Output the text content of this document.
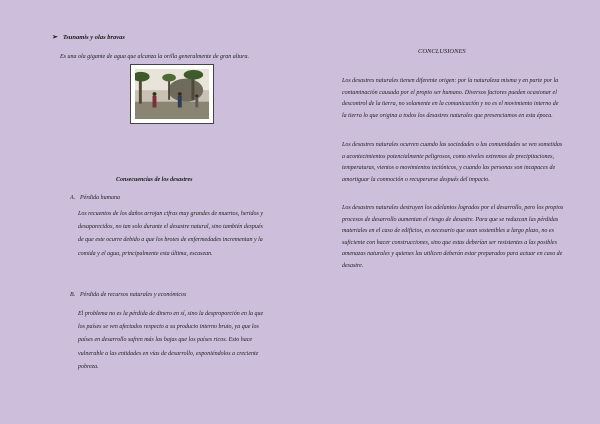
➢ Tsunamis y olas bravas
Es una ola gigante de agua que alcanza la orilla generalmente de gran altura.
Consecuencias de los desastres
A. Pérdida humana
Los recuentos de los daños arrojan cifras muy grandes de muertos, heridos y desaparecidos, no tan solo durante el desastre natural, sino también después de que este ocurre debido a que los brotes de enfermedades incrementan y la comida y el agua, principalmente esta última, escasean.
B. Pérdida de recursos naturales y económicos
El problema no es la pérdida de dinero en sí, sino la desproporción en la que los países se ven afectados respecto a su producto interno bruto, ya que los países en desarrollo sufren más las bajas que los países ricos. Esto hace vulnerable a las entidades en vías de desarrollo, exponiéndolos a creciente pobreza.
CONCLUSIONES

Los desastres naturales tienen diferente origen: por la naturaleza misma y en parte por la contaminación causada por el propio ser humano. Diversos factores pueden ocasionar el descontrol de la tierra, no solamente en la comunicación y no es el movimiento interno de la tierra lo que origina a todos los desastres naturales que presenciamos en esta época.

Los desastres naturales ocurren cuando las sociedades o las comunidades se ven sometidas a acontecimientos potencialmente peligrosos, como niveles extremos de precipitaciones, temperaturas, vientos o movimientos tectónicos, y cuando las personas son incapaces de amortiguar la conmoción o recuperarse después del impacto.

Los desastres naturales destruyen los adelantos logrados por el desarrollo, pero los propios procesos de desarrollo aumentan el riesgo de desastre. Para que se reduzcan las pérdidas materiales en el caso de edificios, es necesario que sean sostenibles a largo plazo, no es suficiente con hacer construcciones, sino que estas deberían ser resistentes a las posibles amenazas naturales y quienes las utilicen deberán estar preparados para actuar en caso de desastre.
